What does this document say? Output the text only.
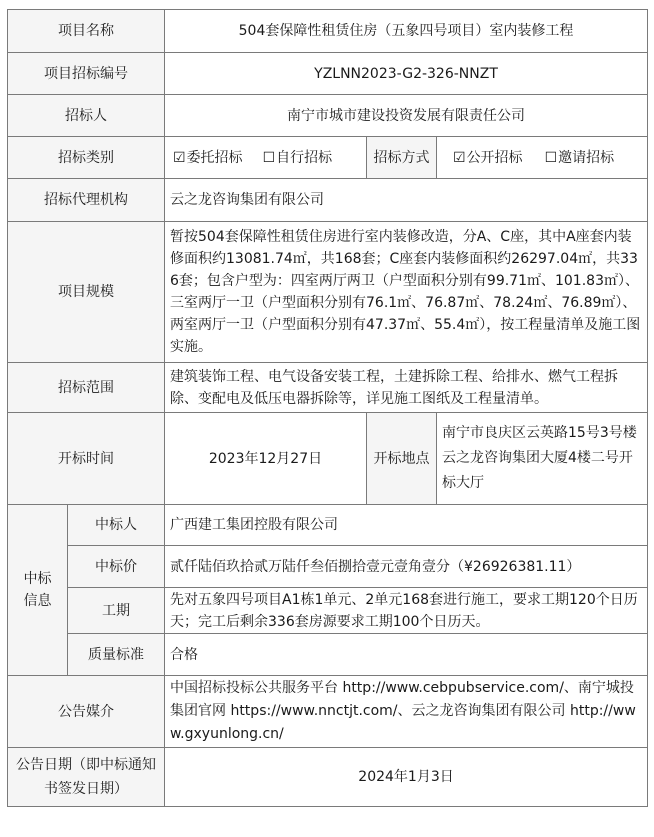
项目名称		504套保障性租赁住房（五象四号项目）室内装修工程		
项目招标编号		YZLNN2023-G2-326-NNZT		
招标人		南宁市城市建设投资发展有限责任公司		
招标类别		☑委托招标 ☐自行招标	招标方式	☑公开招标 ☐邀请招标
招标代理机构		云之龙咨询集团有限公司		
项目规模		暂按504套保障性租赁住房进行室内装修改造，分A、C座，其中A座套内装修面积约13081.74㎡，共168套；C座套内装修面积约26297.04㎡，共336套；包含户型为：四室两厅两卫（户型面积分别有99.71㎡、101.83㎡）、三室两厅一卫（户型面积分别有76.1㎡、76.87㎡、78.24㎡、76.89㎡）、两室两厅一卫（户型面积分别有47.37㎡、55.4㎡），按工程量清单及施工图实施。		
招标范围		建筑装饰工程、电气设备安装工程，土建拆除工程、给排水、燃气工程拆除、变配电及低压电器拆除等，详见施工图纸及工程量清单。		
开标时间		2023年12月27日	开标地点	南宁市良庆区云英路15号3号楼云之龙咨询集团大厦4楼二号开标大厅
中标
信息	中标人	广西建工集团控股有限公司		
	中标价	贰仟陆佰玖拾贰万陆仟叁佰捌拾壹元壹角壹分（¥26926381.11）		
	工期	先对五象四号项目A1栋1单元、2单元168套进行施工，要求工期120个日历天；完工后剩余336套房源要求工期100个日历天。		
	质量标准	合格		
公告媒介		中国招标投标公共服务平台 http://www.cebpubservice.com/、南宁城投集团官网 https://www.nnctjt.com/、云之龙咨询集团有限公司 http://www.gxyunlong.cn/		
公告日期（即中标通知书签发日期）		2024年1月3日		
